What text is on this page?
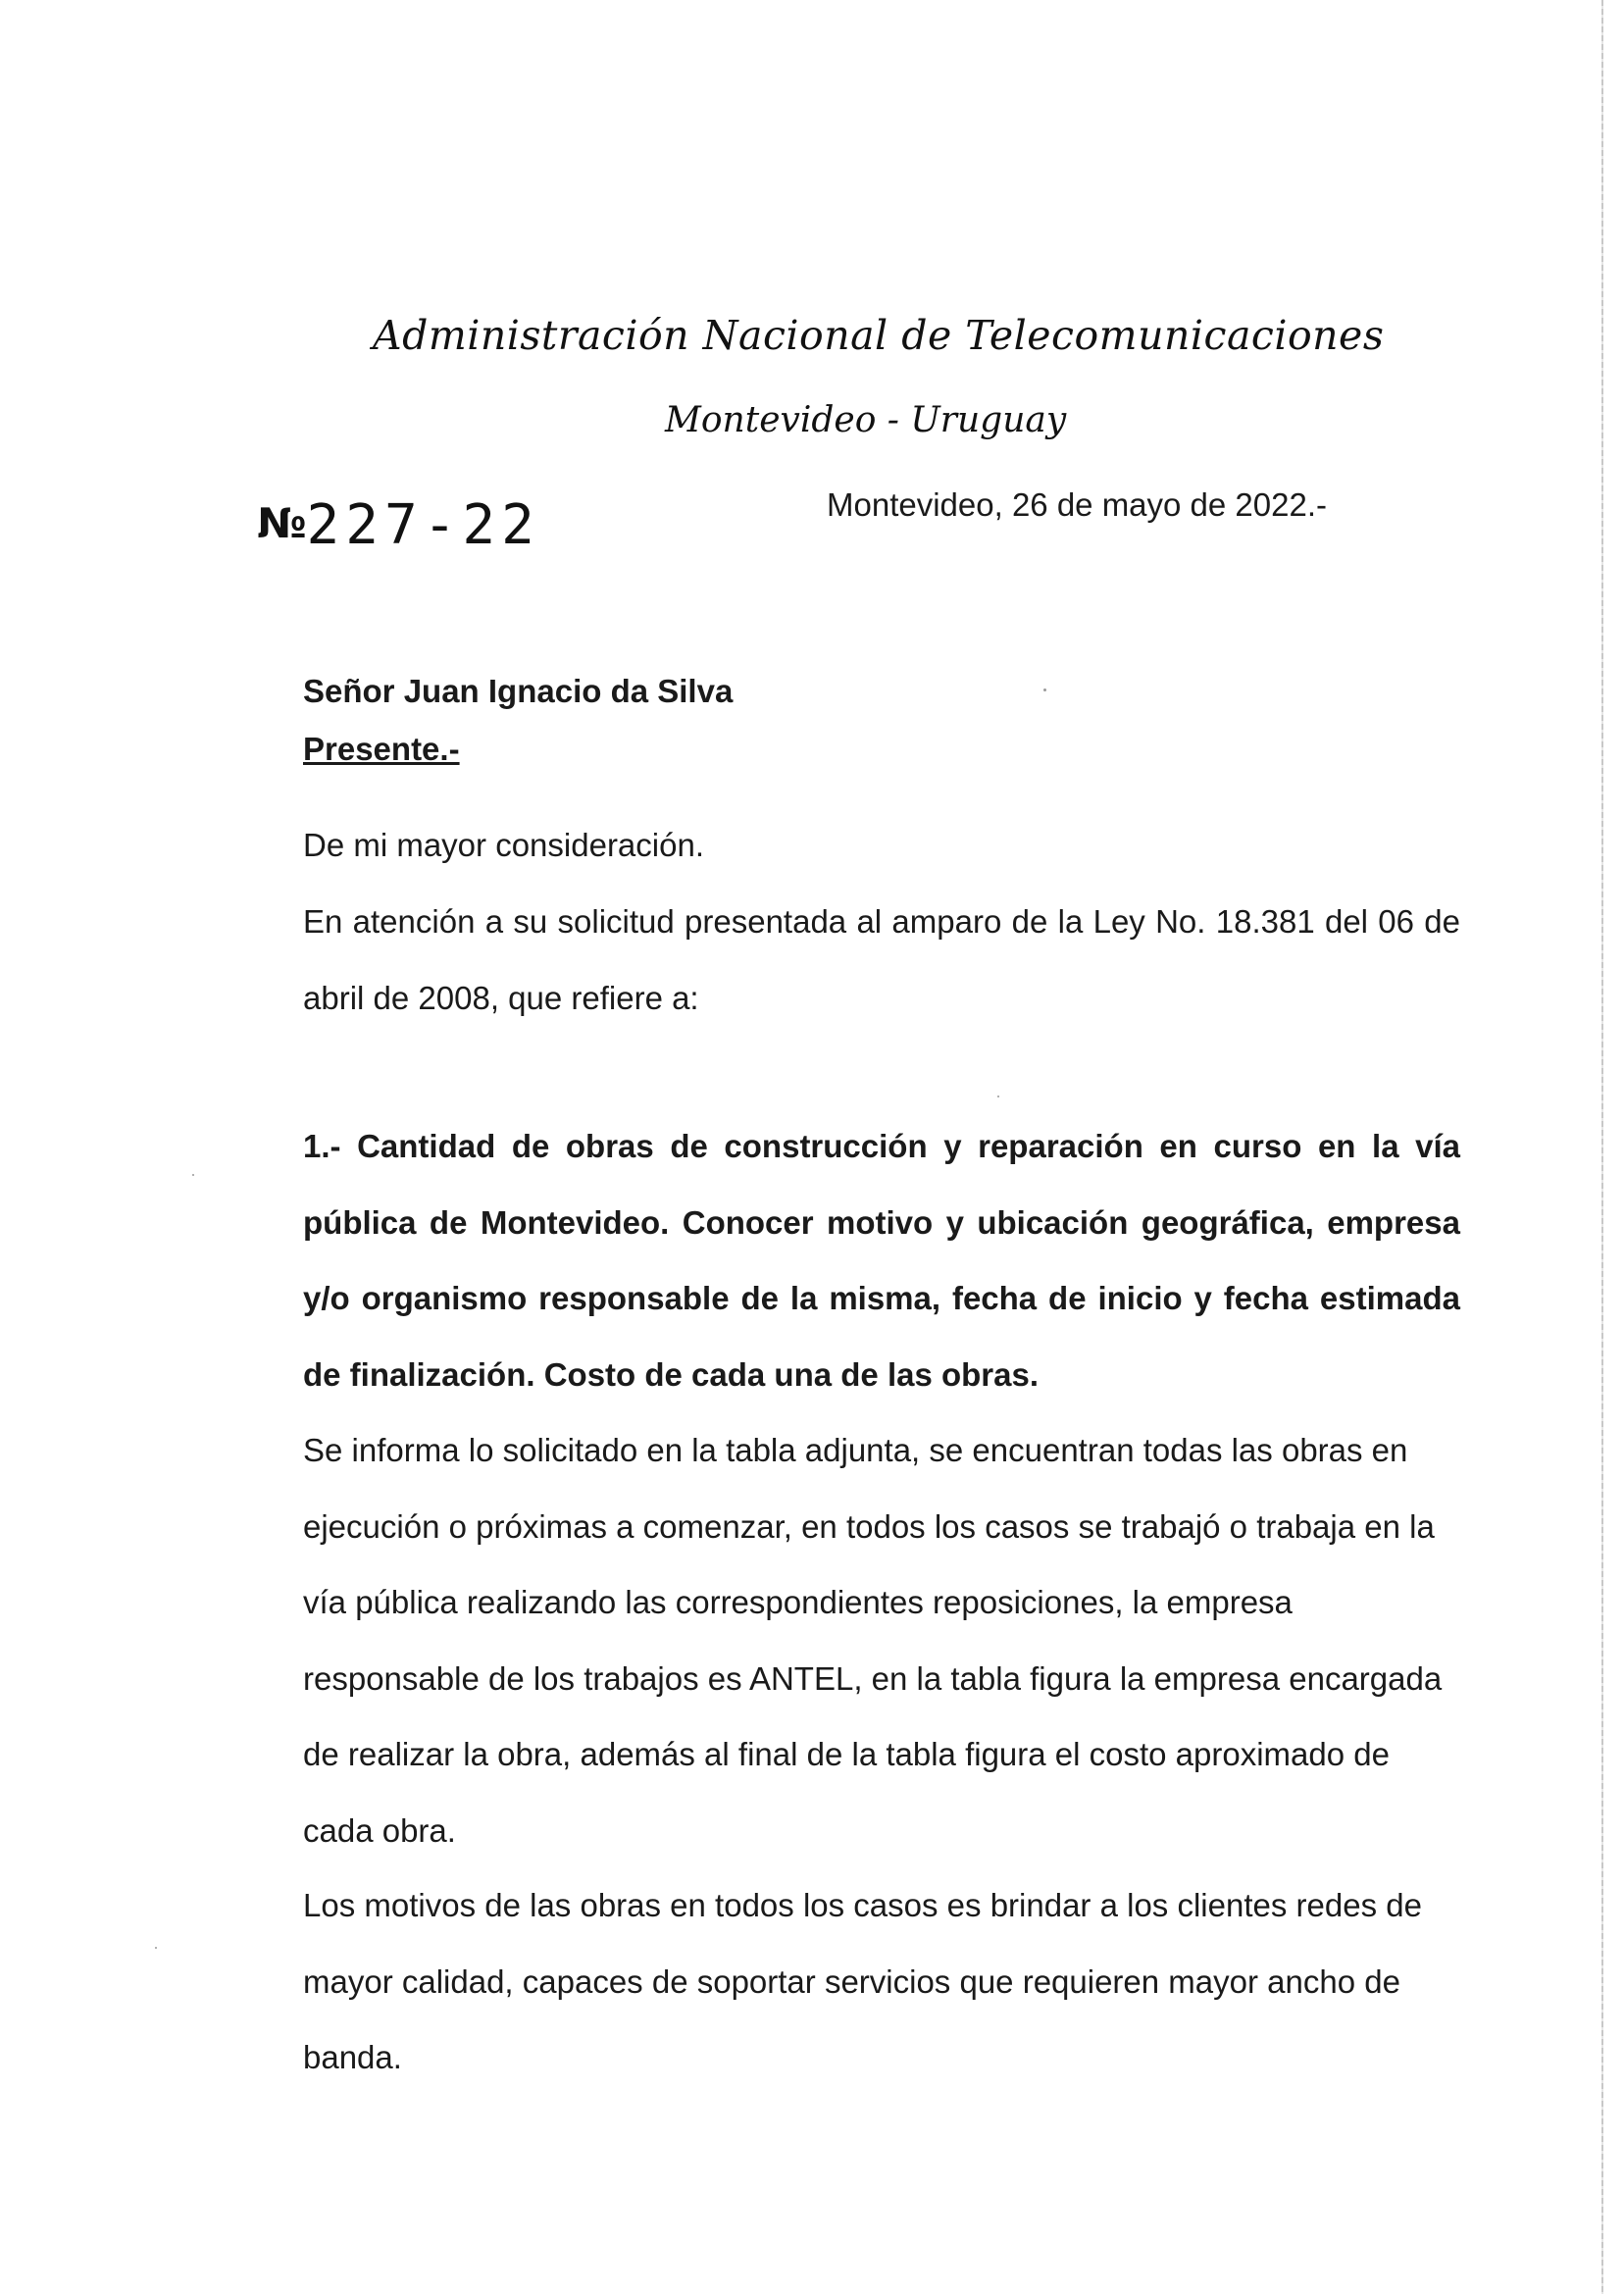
Administración Nacional de Telecomunicaciones
Montevideo - Uruguay
№227-22	Montevideo, 26 de mayo de 2022.-
Señor Juan Ignacio da Silva
Presente.-
De mi mayor consideración.
En atención a su solicitud presentada al amparo de la Ley No. 18.381 del 06 de abril de 2008, que refiere a:
1.- Cantidad de obras de construcción y reparación en curso en la vía pública de Montevideo. Conocer motivo y ubicación geográfica, empresa y/o organismo responsable de la misma, fecha de inicio y fecha estimada de finalización. Costo de cada una de las obras.
Se informa lo solicitado en la tabla adjunta, se encuentran todas las obras en
ejecución o próximas a comenzar, en todos los casos se trabajó o trabaja en la
vía pública realizando las correspondientes reposiciones, la empresa
responsable de los trabajos es ANTEL, en la tabla figura la empresa encargada
de realizar la obra, además al final de la tabla figura el costo aproximado de
cada obra.
Los motivos de las obras en todos los casos es brindar a los clientes redes de
mayor calidad, capaces de soportar servicios que requieren mayor ancho de
banda.
